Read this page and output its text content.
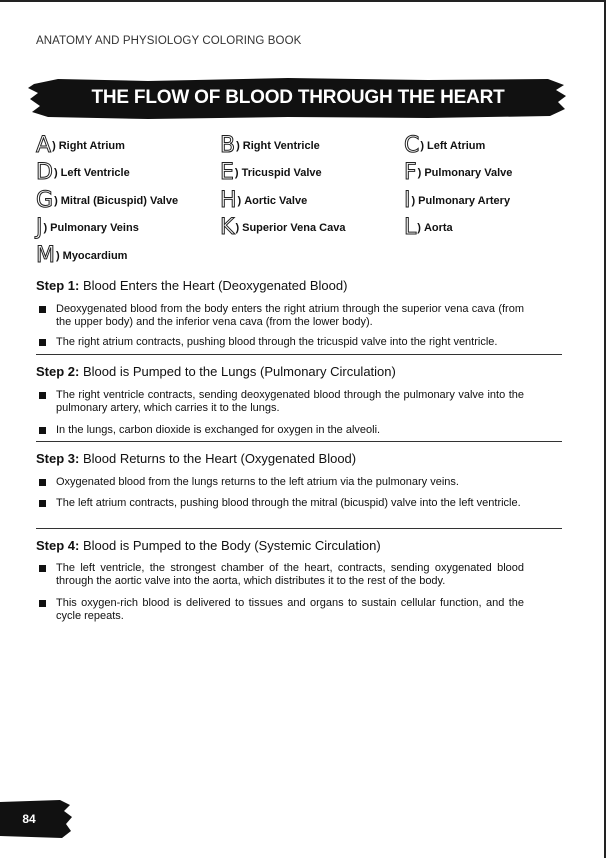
ANATOMY AND PHYSIOLOGY COLORING BOOK
THE FLOW OF BLOOD THROUGH THE HEART
A ) Right Atrium	B ) Right Ventricle	C ) Left Atrium
D ) Left Ventricle	E ) Tricuspid Valve	F ) Pulmonary Valve
G ) Mitral (Bicuspid) Valve H ) Aortic Valve	I ) Pulmonary Artery
J ) Pulmonary Veins	K ) Superior Vena Cava	L ) Aorta
M ) Myocardium

Step 1: Blood Enters the Heart (Deoxygenated Blood)

Deoxygenated blood from the body enters the right atrium through the superior vena cava (from the upper body) and the inferior vena cava (from the lower body).
The right atrium contracts, pushing blood through the tricuspid valve into the right ventricle.

Step 2: Blood is Pumped to the Lungs (Pulmonary Circulation)

The right ventricle contracts, sending deoxygenated blood through the pulmonary valve into the pulmonary artery, which carries it to the lungs.
In the lungs, carbon dioxide is exchanged for oxygen in the alveoli.

Step 3: Blood Returns to the Heart (Oxygenated Blood)

Oxygenated blood from the lungs returns to the left atrium via the pulmonary veins.
The left atrium contracts, pushing blood through the mitral (bicuspid) valve into the left ventricle.

Step 4: Blood is Pumped to the Body (Systemic Circulation)

The left ventricle, the strongest chamber of the heart, contracts, sending oxygenated blood through the aortic valve into the aorta, which distributes it to the rest of the body.
This oxygen-rich blood is delivered to tissues and organs to sustain cellular function, and the cycle repeats.
84
